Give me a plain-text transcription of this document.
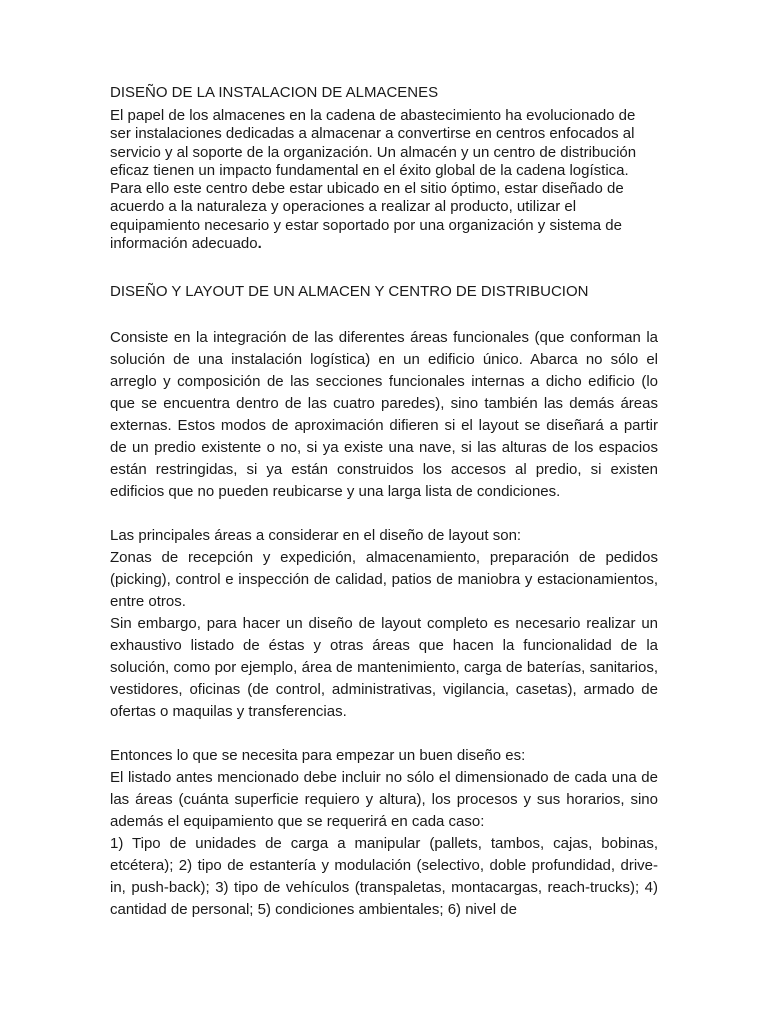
DISEÑO DE LA INSTALACION DE ALMACENES

El papel de los almacenes en la cadena de abastecimiento ha evolucionado de ser instalaciones dedicadas a almacenar a convertirse en centros enfocados al servicio y al soporte de la organización. Un almacén y un centro de distribución eficaz tienen un impacto fundamental en el éxito global de la cadena logística. Para ello este centro debe estar ubicado en el sitio óptimo, estar diseñado de acuerdo a la naturaleza y operaciones a realizar al producto, utilizar el equipamiento necesario y estar soportado por una organización y sistema de información adecuado.

DISEÑO Y LAYOUT DE UN ALMACEN Y CENTRO DE DISTRIBUCION

Consiste en la integración de las diferentes áreas funcionales (que conforman la solución de una instalación logística) en un edificio único. Abarca no sólo el arreglo y composición de las secciones funcionales internas a dicho edificio (lo que se encuentra dentro de las cuatro paredes), sino también las demás áreas externas. Estos modos de aproximación difieren si el layout se diseñará a partir de un predio existente o no, si ya existe una nave, si las alturas de los espacios están restringidas, si ya están construidos los accesos al predio, si existen edificios que no pueden reubicarse y una larga lista de condiciones.

Las principales áreas a considerar en el diseño de layout son:

Zonas de recepción y expedición, almacenamiento, preparación de pedidos (picking), control e inspección de calidad, patios de maniobra y estacionamientos, entre otros.

Sin embargo, para hacer un diseño de layout completo es necesario realizar un exhaustivo listado de éstas y otras áreas que hacen la funcionalidad de la solución, como por ejemplo, área de mantenimiento, carga de baterías, sanitarios, vestidores, oficinas (de control, administrativas, vigilancia, casetas), armado de ofertas o maquilas y transferencias.

Entonces lo que se necesita para empezar un buen diseño es:

El listado antes mencionado debe incluir no sólo el dimensionado de cada una de las áreas (cuánta superficie requiero y altura), los procesos y sus horarios, sino además el equipamiento que se requerirá en cada caso:

1) Tipo de unidades de carga a manipular (pallets, tambos, cajas, bobinas, etcétera); 2) tipo de estantería y modulación (selectivo, doble profundidad, drive-in, push-back); 3) tipo de vehículos (transpaletas, montacargas, reach-trucks); 4) cantidad de personal; 5) condiciones ambientales; 6) nivel de
